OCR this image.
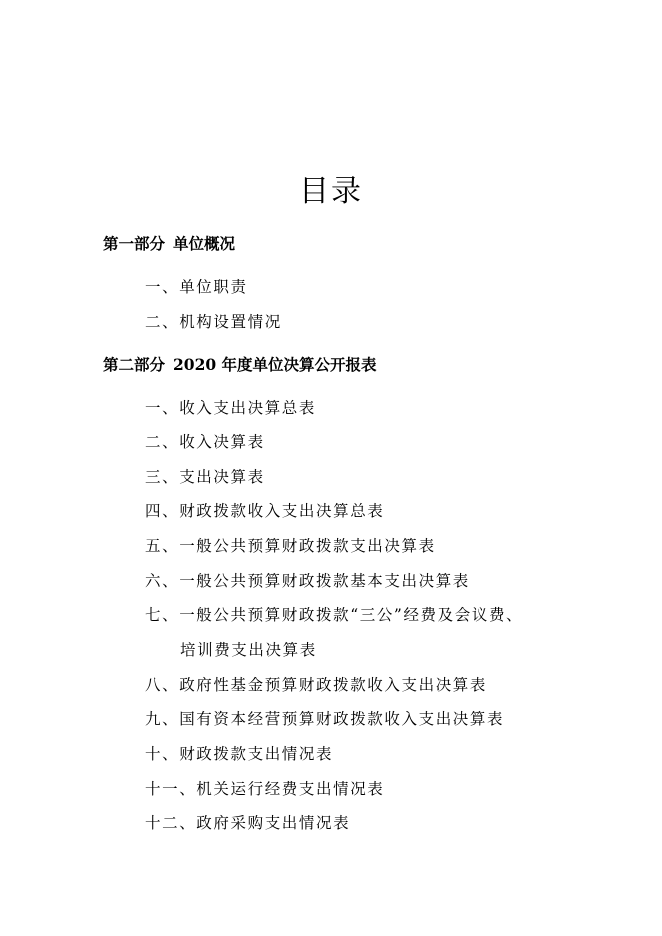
目录
第一部分 单位概况
一、单位职责
二、机构设置情况
第二部分 2020 年度单位决算公开报表
一、收入支出决算总表
二、收入决算表
三、支出决算表
四、财政拨款收入支出决算总表
五、一般公共预算财政拨款支出决算表
六、一般公共预算财政拨款基本支出决算表
七、一般公共预算财政拨款“三公”经费及会议费、
培训费支出决算表
八、政府性基金预算财政拨款收入支出决算表
九、国有资本经营预算财政拨款收入支出决算表
十、财政拨款支出情况表
十一、机关运行经费支出情况表
十二、政府采购支出情况表
